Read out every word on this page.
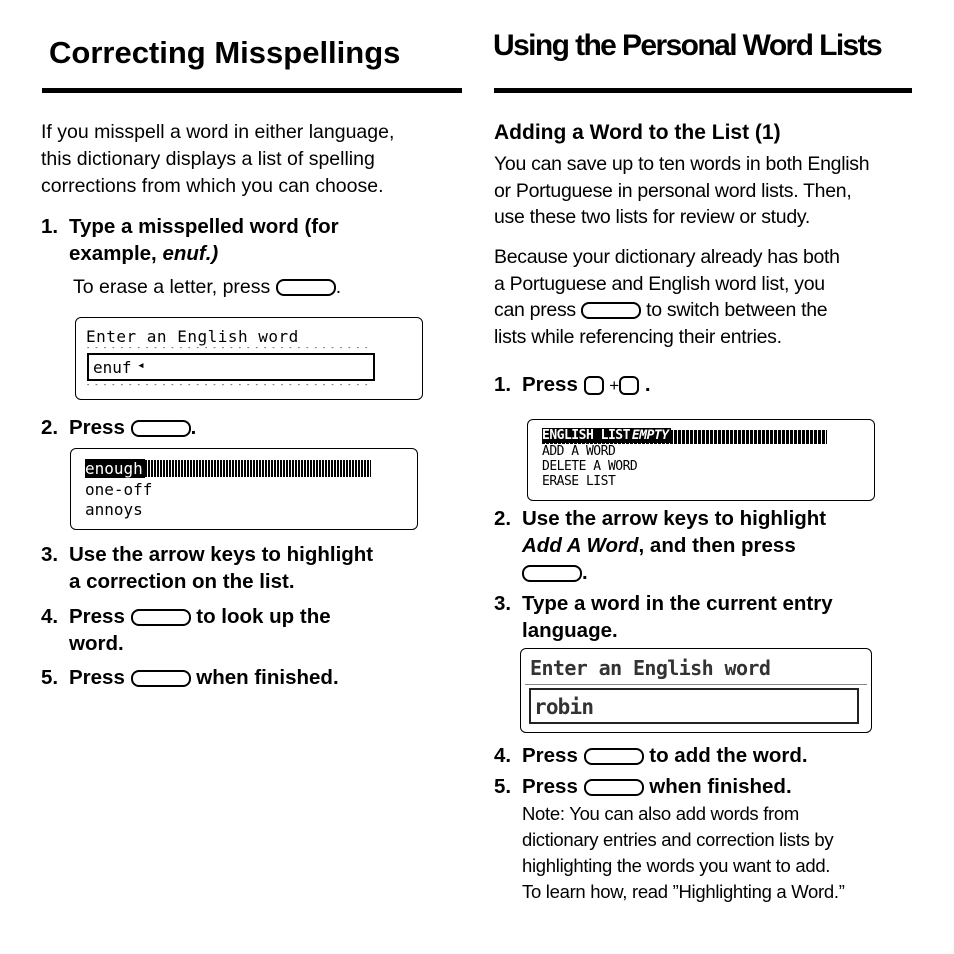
Correcting Misspellings
If you misspell a word in either language,
this dictionary displays a list of spelling
corrections from which you can choose.
1. Type a misspelled word (for
example, enuf.)
To erase a letter, press	.
Enter an English word
- - - - - - - - - - - - - - - - - - - - - - - - - - - - - - - - - -
enuf ◂
- - - - - - - - - - - - - - - - - - - - - - - - - - - - - - - - - -
2. Press	.
enough
one-off
annoys
3. Use the arrow keys to highlight
a correction on the list.
4. Press	to look up the
word.
5. Press	when finished.
Using the Personal Word Lists
Adding a Word to the List (1)
You can save up to ten words in both English
or Portuguese in personal word lists. Then,
use these two lists for review or study.
Because your dictionary already has both
a Portuguese and English word list, you
can press	to switch between the
lists while referencing their entries.
1. Press + .
ENGLISH LIST EMPTY
ADD A WORD
DELETE A WORD
ERASE LIST
2. Use the arrow keys to highlight
Add A Word, and then press
.
3. Type a word in the current entry
language.
Enter an English word
robin
4. Press	to add the word.
5. Press	when finished.
Note: You can also add words from
dictionary entries and correction lists by
highlighting the words you want to add.
To learn how, read ”Highlighting a Word.”
